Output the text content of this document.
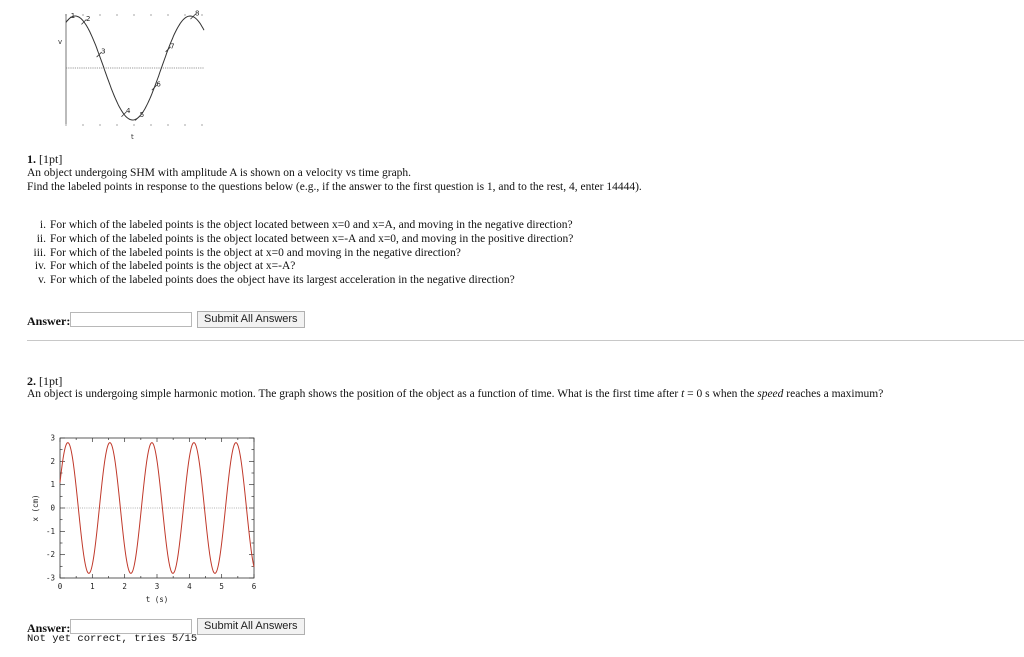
1 2
3
4 5
6
7
8
v
t
1. [1pt]
An object undergoing SHM with amplitude A is shown on a velocity vs time graph.
Find the labeled points in response to the questions below (e.g., if the answer to the first question is 1, and to the rest, 4, enter 14444).
i. For which of the labeled points is the object located between x=0 and x=A, and moving in the negative direction?
ii. For which of the labeled points is the object located between x=-A and x=0, and moving in the positive direction?
iii. For which of the labeled points is the object at x=0 and moving in the negative direction?
iv. For which of the labeled points is the object at x=-A?
v. For which of the labeled points does the object have its largest acceleration in the negative direction?
Answer:	Submit All Answers
2. [1pt]
An object is undergoing simple harmonic motion. The graph shows the position of the object as a function of time. What is the first time after t = 0 s when the speed reaches a maximum?
0	1	2	3	4	5	6
3
2
1
0
-1
-2
-3
t (s)
x (cm)
Answer:	Submit All Answers
Not yet correct, tries 5/15
